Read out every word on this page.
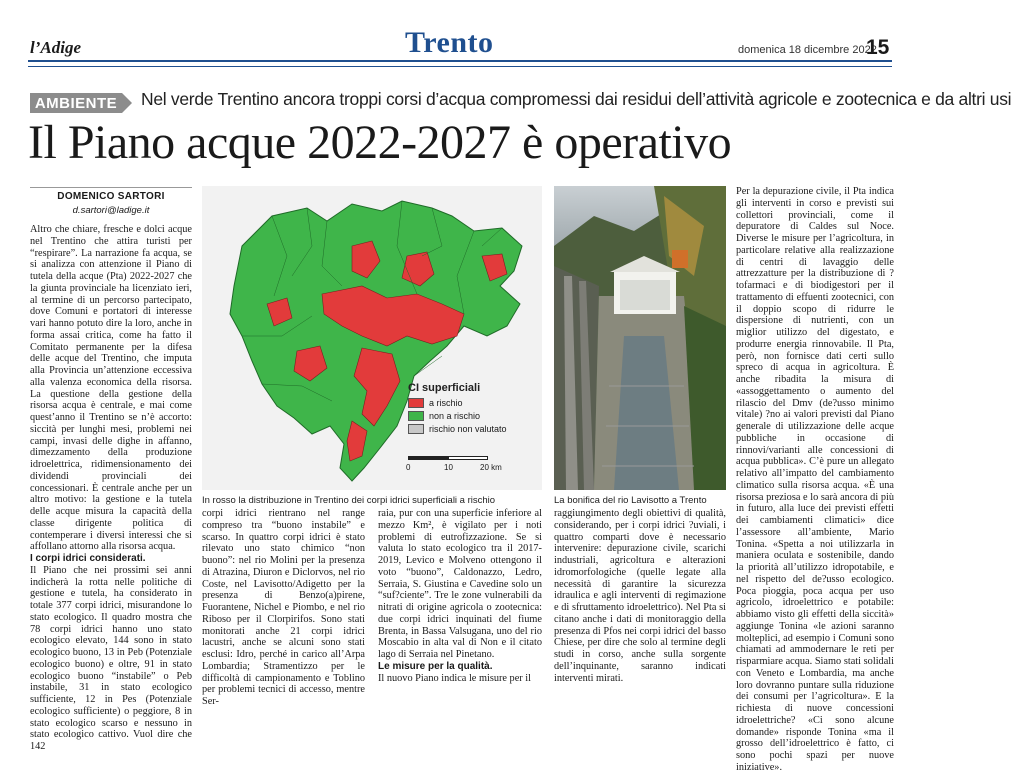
l’Adige	Trento	domenica 18 dicembre 2022
15
AMBIENTE Nel verde Trentino ancora troppi corsi d’acqua compromessi dai residui dell’attività agricole e zootecnica e da altri usi
Il Piano acque 2022-2027 è operativo
DOMENICO SARTORI
d.sartori@ladige.it

Altro che chiare, fresche e dolci acque nel Trentino che attira turisti per “respirare”. La narrazione fa acqua, se si analizza con attenzione il Piano di tutela della acque (Pta) 2022-2027 che la giunta provinciale ha licenziato ieri, al termine di un percorso partecipato, dove Comuni e portatori di interesse vari hanno potuto dire la loro, anche in forma assai critica, come ha fatto il Comitato permanente per la difesa delle acque del Trentino, che imputa alla Provincia un’attenzione eccessiva alla valenza economica della risorsa. La questione della gestione della risorsa acqua è centrale, e mai come quest’anno il Trentino se n’è accorto: siccità per lunghi mesi, problemi nei campi, invasi delle dighe in affanno, dimezzamento della produzione idroelettrica, ridimensionamento dei dividendi provinciali dei concessionari. È centrale anche per un altro motivo: la gestione e la tutela delle acque misura la capacità della classe dirigente politica di contemperare i diversi interessi che si affollano attorno alla risorsa acqua.

I corpi idrici considerati.

Il Piano che nei prossimi sei anni indicherà la rotta nelle politiche di gestione e tutela, ha considerato in totale 377 corpi idrici, misurandone lo stato ecologico. Il quadro mostra che 78 corpi idrici hanno uno stato ecologico elevato, 144 sono in stato ecologico buono, 13 in Peb (Potenziale ecologico buono) e oltre, 91 in stato ecologico buono “instabile” o Peb instabile, 31 in stato ecologico sufficiente, 12 in Pes (Potenziale ecologico sufficiente) o peggiore, 8 in stato ecologico scarso e nessuno in stato ecologico cattivo. Vuol dire che 142

CI superficiali
a rischio
non a rischio
rischio non valutato
0	10	20 km
In rosso la distribuzione in Trentino dei corpi idrici superficiali a rischio	La bonifica del rio Lavisotto a Trento

corpi idrici rientrano nel range compreso tra “buono instabile” e scarso. In quattro corpi idrici è stato rilevato uno stato chimico “non buono”: nel rio Molini per la presenza di Atrazina, Diuron e Diclorvos, nel rio Coste, nel Lavisotto/Adigetto per la presenza di Benzo(a)pirene, Fuorantene, Nichel e Piombo, e nel rio Riboso per il Clorpirifos. Sono stati monitorati anche 21 corpi idrici lacustri, anche se alcuni sono stati esclusi: Idro, perché in carico all’Arpa Lombardia; Stramentizzo per le difficoltà di campionamento e Toblino per problemi tecnici di accesso, mentre Ser-

raia, pur con una superficie inferiore al mezzo Km², è vigilato per i noti problemi di eutrofizzazione. Se si valuta lo stato ecologico tra il 2017-2019, Levico e Molveno ottengono il voto “buono”, Caldonazzo, Ledro, Serraia, S. Giustina e Cavedine solo un “suf?ciente”. Tre le zone vulnerabili da nitrati di origine agricola o zootecnica: due corpi idrici inquinati del fiume Brenta, in Bassa Valsugana, uno del rio Moscabio in alta val di Non e il citato lago di Serraia nel Pinetano.

Le misure per la qualità.

Il nuovo Piano indica le misure per il

raggiungimento degli obiettivi di qualità, considerando, per i corpi idrici ?uviali, i quattro comparti dove è necessario intervenire: depurazione civile, scarichi industriali, agricoltura e alterazioni idromorfologiche (quelle legate alla necessità di garantire la sicurezza idraulica e agli interventi di regimazione e di sfruttamento idroelettrico). Nel Pta si citano anche i dati di monitoraggio della presenza di Pfos nei corpi idrici del basso Chiese, per dire che solo al termine degli studi in corso, anche sulla sorgente dell’inquinante, saranno indicati interventi mirati.

Per la depurazione civile, il Pta indica gli interventi in corso e previsti sui collettori provinciali, come il depuratore di Caldes sul Noce. Diverse le misure per l’agricoltura, in particolare relative alla realizzazione di centri di lavaggio delle attrezzatture per la distribuzione di ?tofarmaci e di biodigestori per il trattamento di effuenti zootecnici, con il doppio scopo di ridurre le dispersione di nutrienti, con un miglior utilizzo del digestato, e produrre energia rinnovabile. Il Pta, però, non fornisce dati certi sullo spreco di acqua in agricoltura. È anche ribadita la misura di «assoggettamento o aumento del rilascio del Dmv (de?usso minimo vitale) ?no ai valori previsti dal Piano generale di utilizzazione delle acque pubbliche in occasione di rinnovi/varianti alle concessioni di acqua pubblica». C’è pure un allegato relativo all’impatto del cambiamento climatico sulla risorsa acqua. «È una risorsa preziosa e lo sarà ancora di più in futuro, alla luce dei previsti effetti dei cambiamenti climatici» dice l’assessore all’ambiente, Mario Tonina. «Spetta a noi utilizzarla in maniera oculata e sostenibile, dando la priorità all’utilizzo idropotabile, e nel rispetto del de?usso ecologico. Poca pioggia, poca acqua per uso agricolo, idroelettrico e potabile: abbiamo visto gli effetti della siccità» aggiunge Tonina «le azioni saranno molteplici, ad esempio i Comuni sono chiamati ad ammodernare le reti per risparmiare acqua. Siamo stati solidali con Veneto e Lombardia, ma anche loro dovranno puntare sulla riduzione dei consumi per l’agricoltura». E la richiesta di nuove concessioni idroelettriche? «Ci sono alcune domande» risponde Tonina «ma il grosso dell’idroelettrico è fatto, ci sono pochi spazi per nuove iniziative».
